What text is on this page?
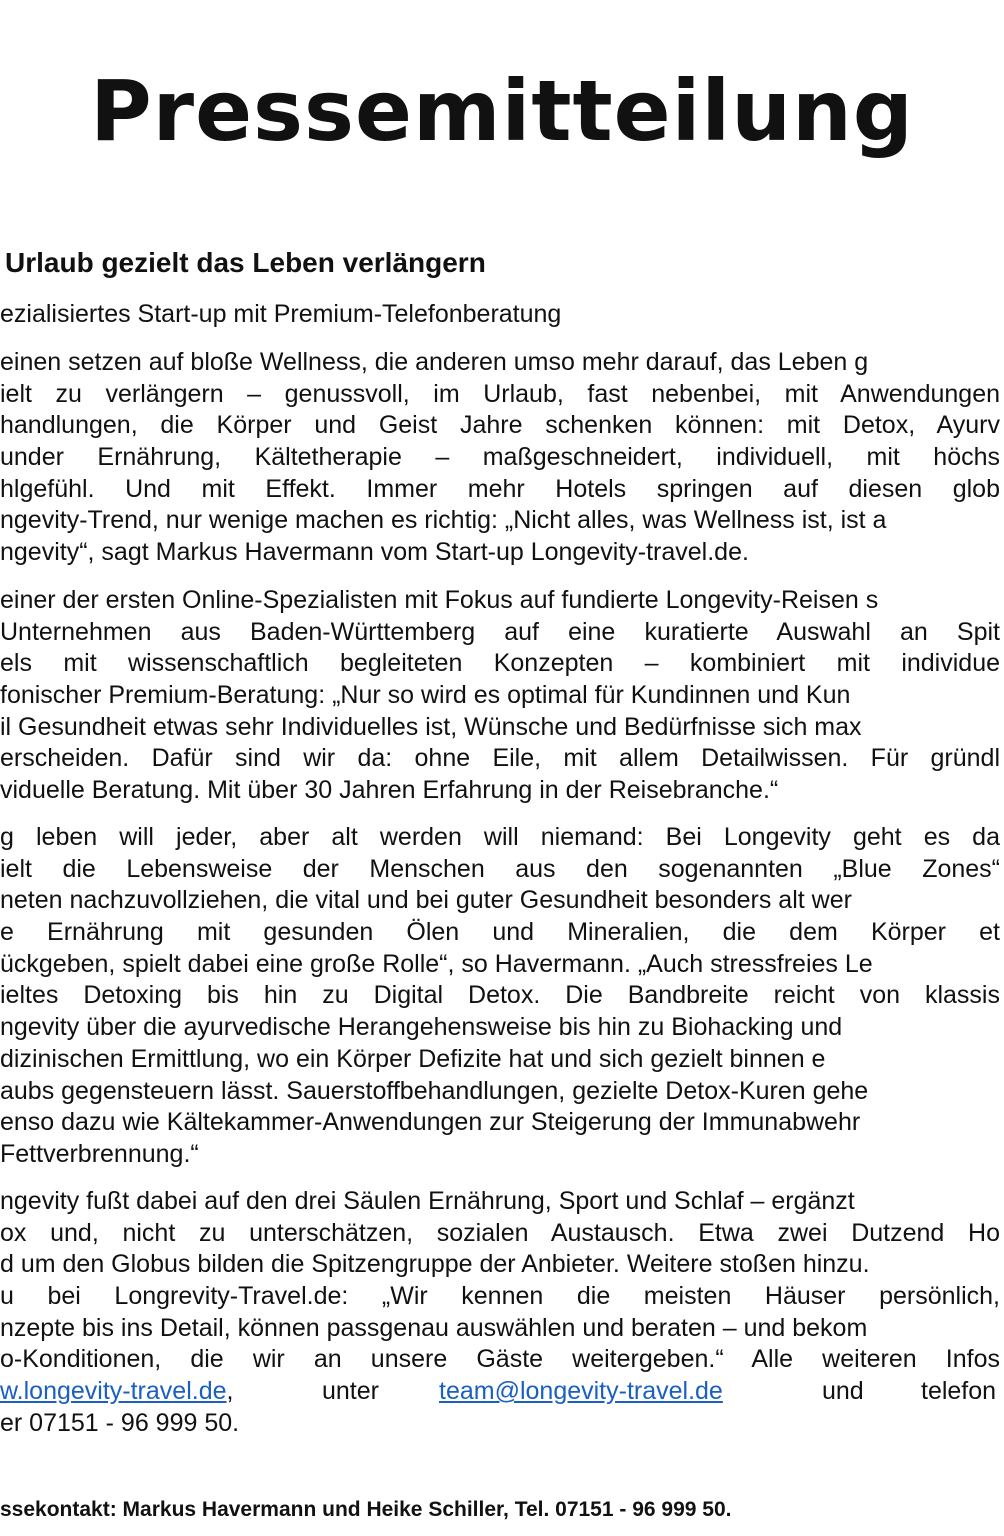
Pressemitteilung
Urlaub gezielt das Leben verlängern
ezialisiertes Start-up mit Premium-Telefonberatung
einen setzen auf bloße Wellness, die anderen umso mehr darauf, das Leben g
ielt zu verlängern – genussvoll, im Urlaub, fast nebenbei, mit Anwendungen
handlungen, die Körper und Geist Jahre schenken können: mit Detox, Ayurv
under Ernährung, Kältetherapie – maßgeschneidert, individuell, mit höchs
hlgefühl. Und mit Effekt. Immer mehr Hotels springen auf diesen glob
ngevity-Trend, nur wenige machen es richtig: „Nicht alles, was Wellness ist, ist a
ngevity“, sagt Markus Havermann vom Start-up Longevity-travel.de.
einer der ersten Online-Spezialisten mit Fokus auf fundierte Longevity-Reisen s
Unternehmen aus Baden-Württemberg auf eine kuratierte Auswahl an Spit
els mit wissenschaftlich begleiteten Konzepten – kombiniert mit individue
fonischer Premium-Beratung: „Nur so wird es optimal für Kundinnen und Kun
il Gesundheit etwas sehr Individuelles ist, Wünsche und Bedürfnisse sich max
erscheiden. Dafür sind wir da: ohne Eile, mit allem Detailwissen. Für gründl
viduelle Beratung. Mit über 30 Jahren Erfahrung in der Reisebranche.“
g leben will jeder, aber alt werden will niemand: Bei Longevity geht es da
ielt die Lebensweise der Menschen aus den sogenannten „Blue Zones“
neten nachzuvollziehen, die vital und bei guter Gesundheit besonders alt wer
e Ernährung mit gesunden Ölen und Mineralien, die dem Körper et
ückgeben, spielt dabei eine große Rolle“, so Havermann. „Auch stressfreies Le
ieltes Detoxing bis hin zu Digital Detox. Die Bandbreite reicht von klassis
ngevity über die ayurvedische Herangehensweise bis hin zu Biohacking und
dizinischen Ermittlung, wo ein Körper Defizite hat und sich gezielt binnen e
aubs gegensteuern lässt. Sauerstoffbehandlungen, gezielte Detox-Kuren gehe
enso dazu wie Kältekammer-Anwendungen zur Steigerung der Immunabwehr
Fettverbrennung.“
ngevity fußt dabei auf den drei Säulen Ernährung, Sport und Schlaf – ergänzt
ox und, nicht zu unterschätzen, sozialen Austausch. Etwa zwei Dutzend Ho
d um den Globus bilden die Spitzengruppe der Anbieter. Weitere stoßen hinzu.
u bei Longrevity-Travel.de: „Wir kennen die meisten Häuser persönlich,
nzepte bis ins Detail, können passgenau auswählen und beraten – und bekom
o-Konditionen, die wir an unsere Gäste weitergeben.“ Alle weiteren Infos
w.longevity-travel.de,	unter team@longevity-travel.de	und telefon
er 07151 - 96 999 50.
ssekontakt: Markus Havermann und Heike Schiller, Tel. 07151 - 96 999 50.
